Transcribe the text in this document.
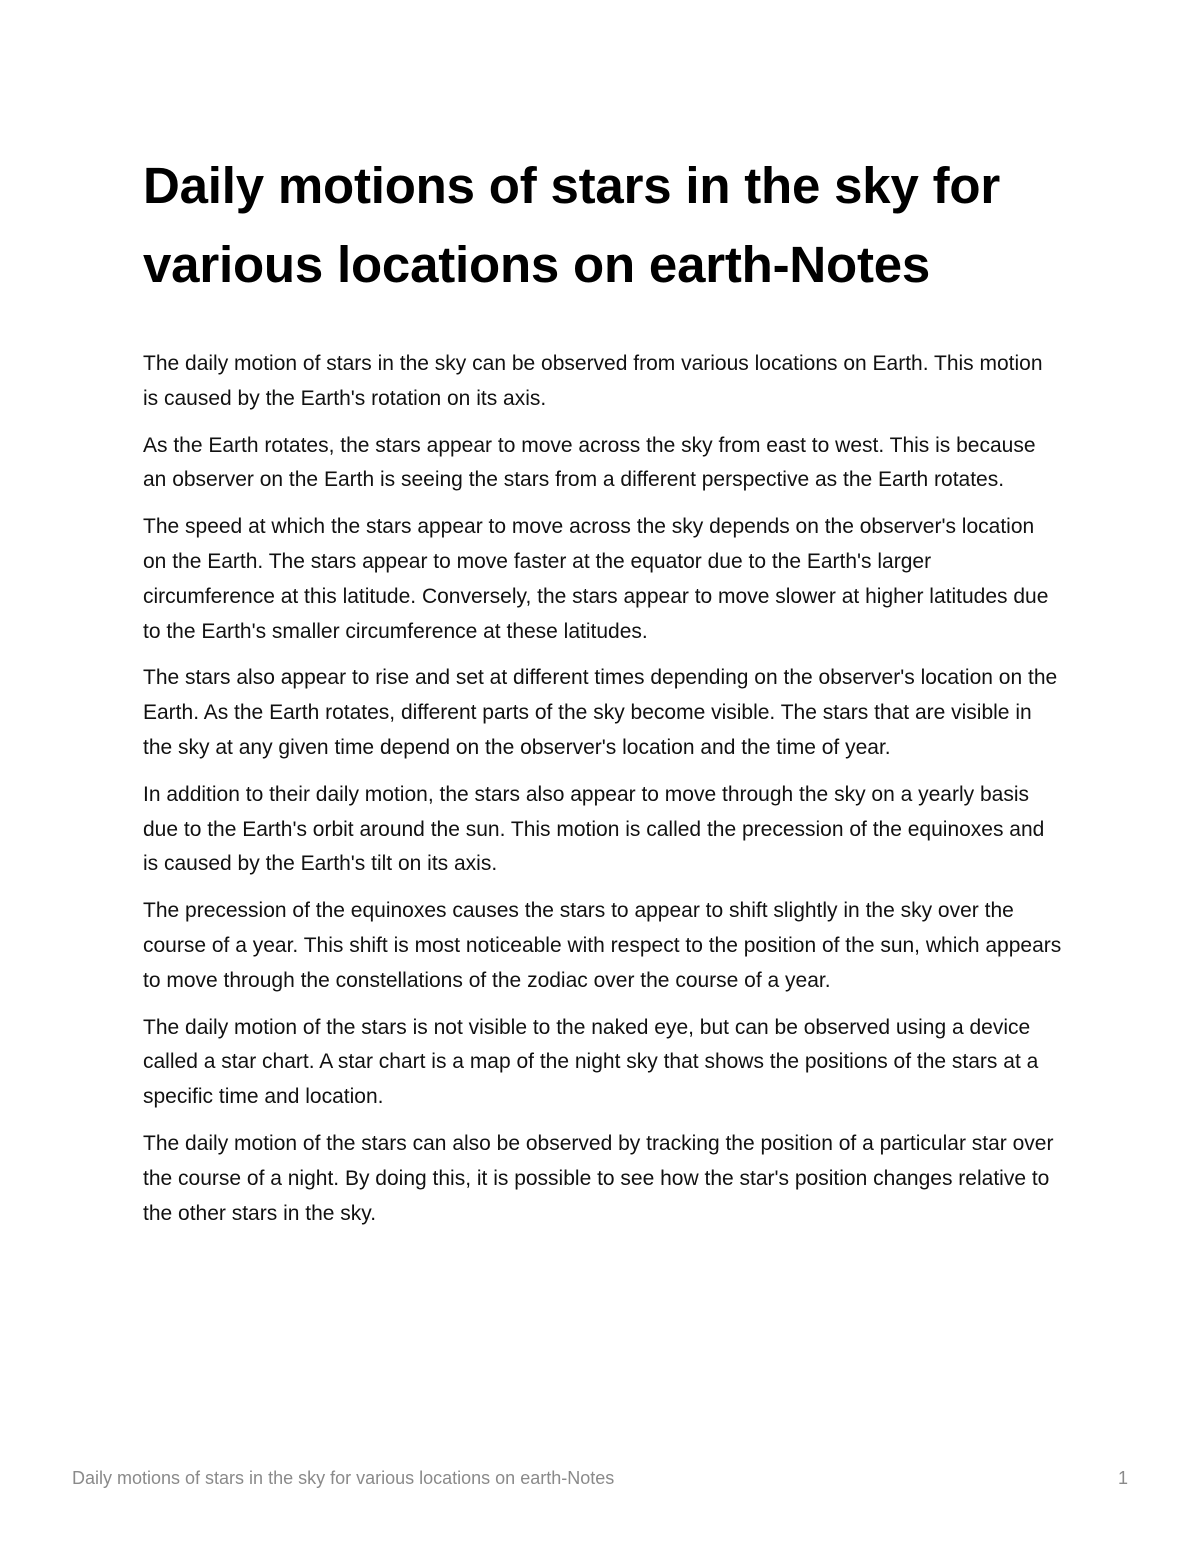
Daily motions of stars in the sky for various locations on earth-Notes

The daily motion of stars in the sky can be observed from various locations on Earth. This motion is caused by the Earth's rotation on its axis.

As the Earth rotates, the stars appear to move across the sky from east to west. This is because an observer on the Earth is seeing the stars from a different perspective as the Earth rotates.

The speed at which the stars appear to move across the sky depends on the observer's location on the Earth. The stars appear to move faster at the equator due to the Earth's larger circumference at this latitude. Conversely, the stars appear to move slower at higher latitudes due to the Earth's smaller circumference at these latitudes.

The stars also appear to rise and set at different times depending on the observer's location on the Earth. As the Earth rotates, different parts of the sky become visible. The stars that are visible in the sky at any given time depend on the observer's location and the time of year.

In addition to their daily motion, the stars also appear to move through the sky on a yearly basis due to the Earth's orbit around the sun. This motion is called the precession of the equinoxes and is caused by the Earth's tilt on its axis.

The precession of the equinoxes causes the stars to appear to shift slightly in the sky over the course of a year. This shift is most noticeable with respect to the position of the sun, which appears to move through the constellations of the zodiac over the course of a year.

The daily motion of the stars is not visible to the naked eye, but can be observed using a device called a star chart. A star chart is a map of the night sky that shows the positions of the stars at a specific time and location.

The daily motion of the stars can also be observed by tracking the position of a particular star over the course of a night. By doing this, it is possible to see how the star's position changes relative to the other stars in the sky.

Daily motions of stars in the sky for various locations on earth-Notes	1
